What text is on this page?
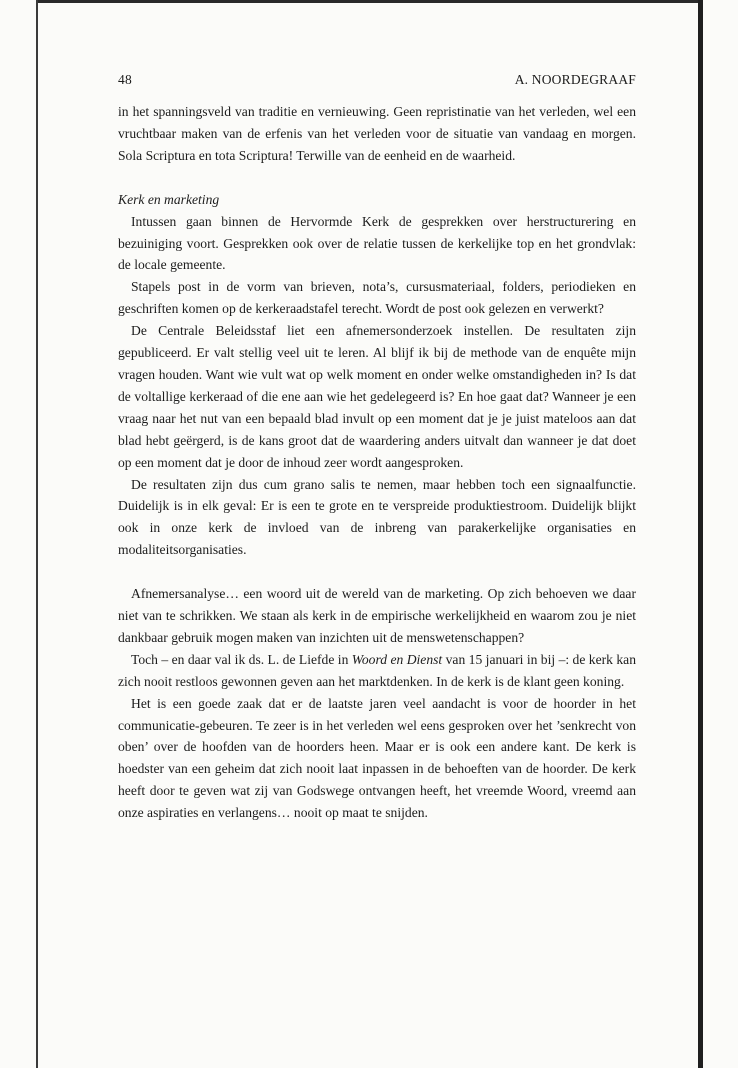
48	A. NOORDEGRAAF

in het spanningsveld van traditie en vernieuwing. Geen repristinatie van het verleden, wel een vruchtbaar maken van de erfenis van het verleden voor de situatie van vandaag en morgen. Sola Scriptura en tota Scriptura! Terwille van de eenheid en de waarheid.

Kerk en marketing

Intussen gaan binnen de Hervormde Kerk de gesprekken over herstructurering en bezuiniging voort. Gesprekken ook over de relatie tussen de kerkelijke top en het grondvlak: de locale gemeente.

Stapels post in de vorm van brieven, nota’s, cursusmateriaal, folders, periodieken en geschriften komen op de kerkeraadstafel terecht. Wordt de post ook gelezen en verwerkt?

De Centrale Beleidsstaf liet een afnemersonderzoek instellen. De resultaten zijn gepubliceerd. Er valt stellig veel uit te leren. Al blijf ik bij de methode van de enquête mijn vragen houden. Want wie vult wat op welk moment en onder welke omstandigheden in? Is dat de voltallige kerkeraad of die ene aan wie het gedelegeerd is? En hoe gaat dat? Wanneer je een vraag naar het nut van een bepaald blad invult op een moment dat je je juist mateloos aan dat blad hebt geërgerd, is de kans groot dat de waardering anders uitvalt dan wanneer je dat doet op een moment dat je door de inhoud zeer wordt aangesproken.

De resultaten zijn dus cum grano salis te nemen, maar hebben toch een signaalfunctie. Duidelijk is in elk geval: Er is een te grote en te verspreide produktiestroom. Duidelijk blijkt ook in onze kerk de invloed van de inbreng van parakerkelijke organisaties en modaliteitsorganisaties.

Afnemersanalyse… een woord uit de wereld van de marketing. Op zich behoeven we daar niet van te schrikken. We staan als kerk in de empirische werkelijkheid en waarom zou je niet dankbaar gebruik mogen maken van inzichten uit de menswetenschappen?

Toch – en daar val ik ds. L. de Liefde in Woord en Dienst van 15 januari in bij –: de kerk kan zich nooit restloos gewonnen geven aan het marktdenken. In de kerk is de klant geen koning.

Het is een goede zaak dat er de laatste jaren veel aandacht is voor de hoorder in het communicatie-gebeuren. Te zeer is in het verleden wel eens gesproken over het ’senkrecht von oben’ over de hoofden van de hoorders heen. Maar er is ook een andere kant. De kerk is hoedster van een geheim dat zich nooit laat inpassen in de behoeften van de hoorder. De kerk heeft door te geven wat zij van Godswege ontvangen heeft, het vreemde Woord, vreemd aan onze aspiraties en verlangens… nooit op maat te snijden.
